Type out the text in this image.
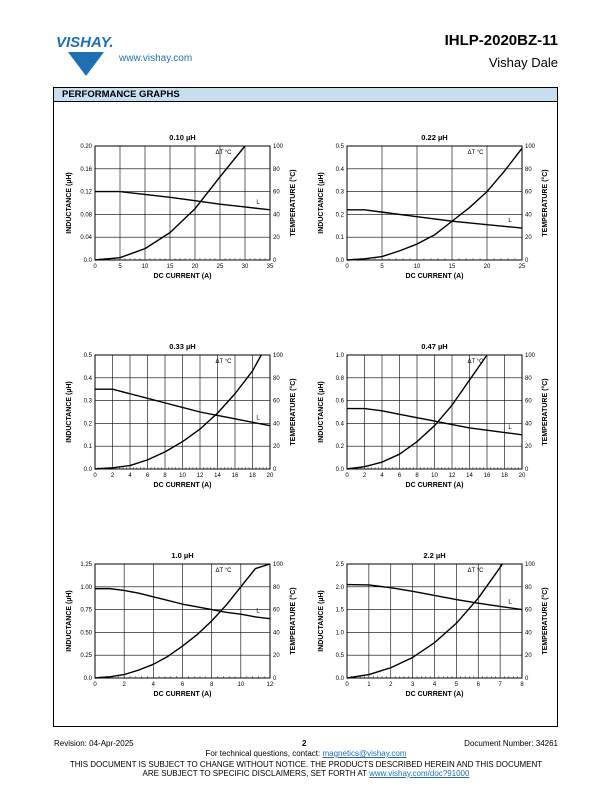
VISHAY.
www.vishay.com
IHLP-2020BZ-11
Vishay Dale
PERFORMANCE GRAPHS
0.10 µH
0	5	10	15	20	25	30	35
0.0	0
0.04	20
0.08	40
0.12	60
0.16	80
0.20	100
DC CURRENT (A)
INDUCTANCE (µH)	TEMPERATURE (°C)
L
ΔT °C
0.22 µH
0	5	10	15	20	25
0.0	0
0.1	20
0.2	40
0.3	60
0.4	80
0.5	100
DC CURRENT (A)
INDUCTANCE (µH)	TEMPERATURE (°C)
L
ΔT °C
0.33 µH
0 2 4 6 8 10 12 14 16 18 20
0.0	0
0.1	20
0.2	40
0.3	60
0.4	80
0.5	100
DC CURRENT (A)
INDUCTANCE (µH)	TEMPERATURE (°C)
L
ΔT °C
0.47 µH
0 2 4 6 8 10 12 14 16 18 20
0.0	0
0.2	20
0.4	40
0.6	60
0.8	80
1.0	100
DC CURRENT (A)
INDUCTANCE (µH)	TEMPERATURE (°C)
L
ΔT °C
1.0 µH
0	2	4	6	8	10	12
0.0	0
0.25	20
0.50	40
0.75	60
1.00	80
1.25	100
DC CURRENT (A)
INDUCTANCE (µH)	TEMPERATURE (°C)
L
ΔT °C
2.2 µH
0	1	2	3	4	5	6	7	8
0.0	0
0.5	20
1.0	40
1.5	60
2.0	80
2.5	100
DC CURRENT (A)
INDUCTANCE (µH)	TEMPERATURE (°C)
L
ΔT °C
Revision: 04-Apr-2025	2	Document Number: 34261
For technical questions, contact: magnetics@vishay.com
THIS DOCUMENT IS SUBJECT TO CHANGE WITHOUT NOTICE. THE PRODUCTS DESCRIBED HEREIN AND THIS DOCUMENT
ARE SUBJECT TO SPECIFIC DISCLAIMERS, SET FORTH AT www.vishay.com/doc?91000
